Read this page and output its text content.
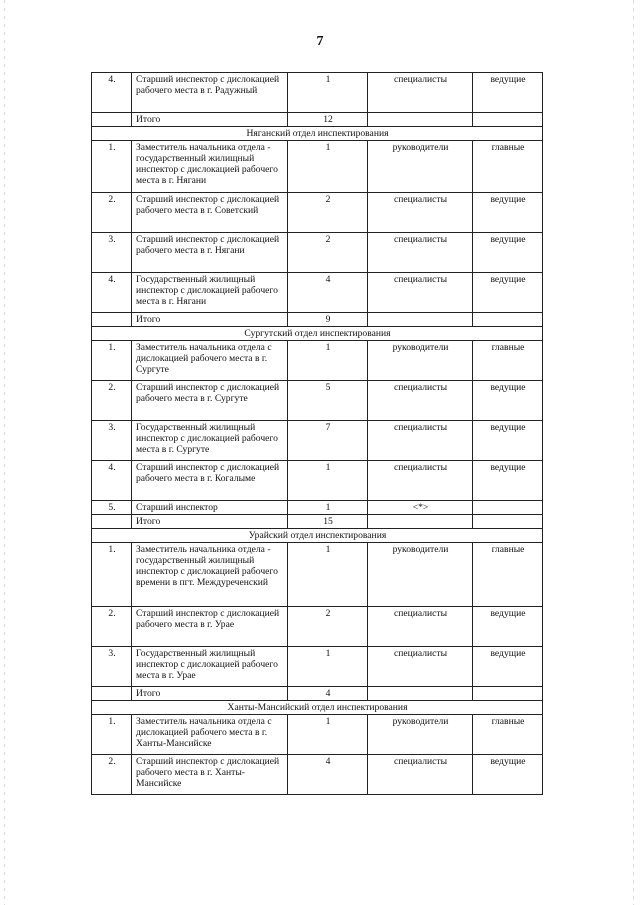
7
4.	Старший инспектор с дислокацией рабочего места в г. Радужный	1	специалисты	ведущие
	Итого	12		
Няганский отдел инспектирования				
1.	Заместитель начальника отдела - государственный жилищный инспектор с дислокацией рабочего места в г. Нягани	1	руководители	главные
2.	Старший инспектор с дислокацией рабочего места в г. Советский	2	специалисты	ведущие
3.	Старший инспектор с дислокацией рабочего места в г. Нягани	2	специалисты	ведущие
4.	Государственный жилищный инспектор с дислокацией рабочего места в г. Нягани	4	специалисты	ведущие
	Итого	9		
Сургутский отдел инспектирования				
1.	Заместитель начальника отдела с дислокацией рабочего места в г. Сургуте	1	руководители	главные
2.	Старший инспектор с дислокацией рабочего места в г. Сургуте	5	специалисты	ведущие
3.	Государственный жилищный инспектор с дислокацией рабочего места в г. Сургуте	7	специалисты	ведущие
4.	Старший инспектор с дислокацией рабочего места в г. Когалыме	1	специалисты	ведущие
5.	Старший инспектор	1	<*>	
	Итого	15		
Урайский отдел инспектирования				
1.	Заместитель начальника отдела - государственный жилищный инспектор с дислокацией рабочего времени в пгт. Междуреченский	1	руководители	главные
2.	Старший инспектор с дислокацией рабочего места в г. Урае	2	специалисты	ведущие
3.	Государственный жилищный инспектор с дислокацией рабочего места в г. Урае	1	специалисты	ведущие
	Итого	4		
Ханты-Мансийский отдел инспектирования				
1.	Заместитель начальника отдела с дислокацией рабочего места в г. Ханты-Мансийске	1	руководители	главные
2.	Старший инспектор с дислокацией рабочего места в г. Ханты-Мансийске	4	специалисты	ведущие
